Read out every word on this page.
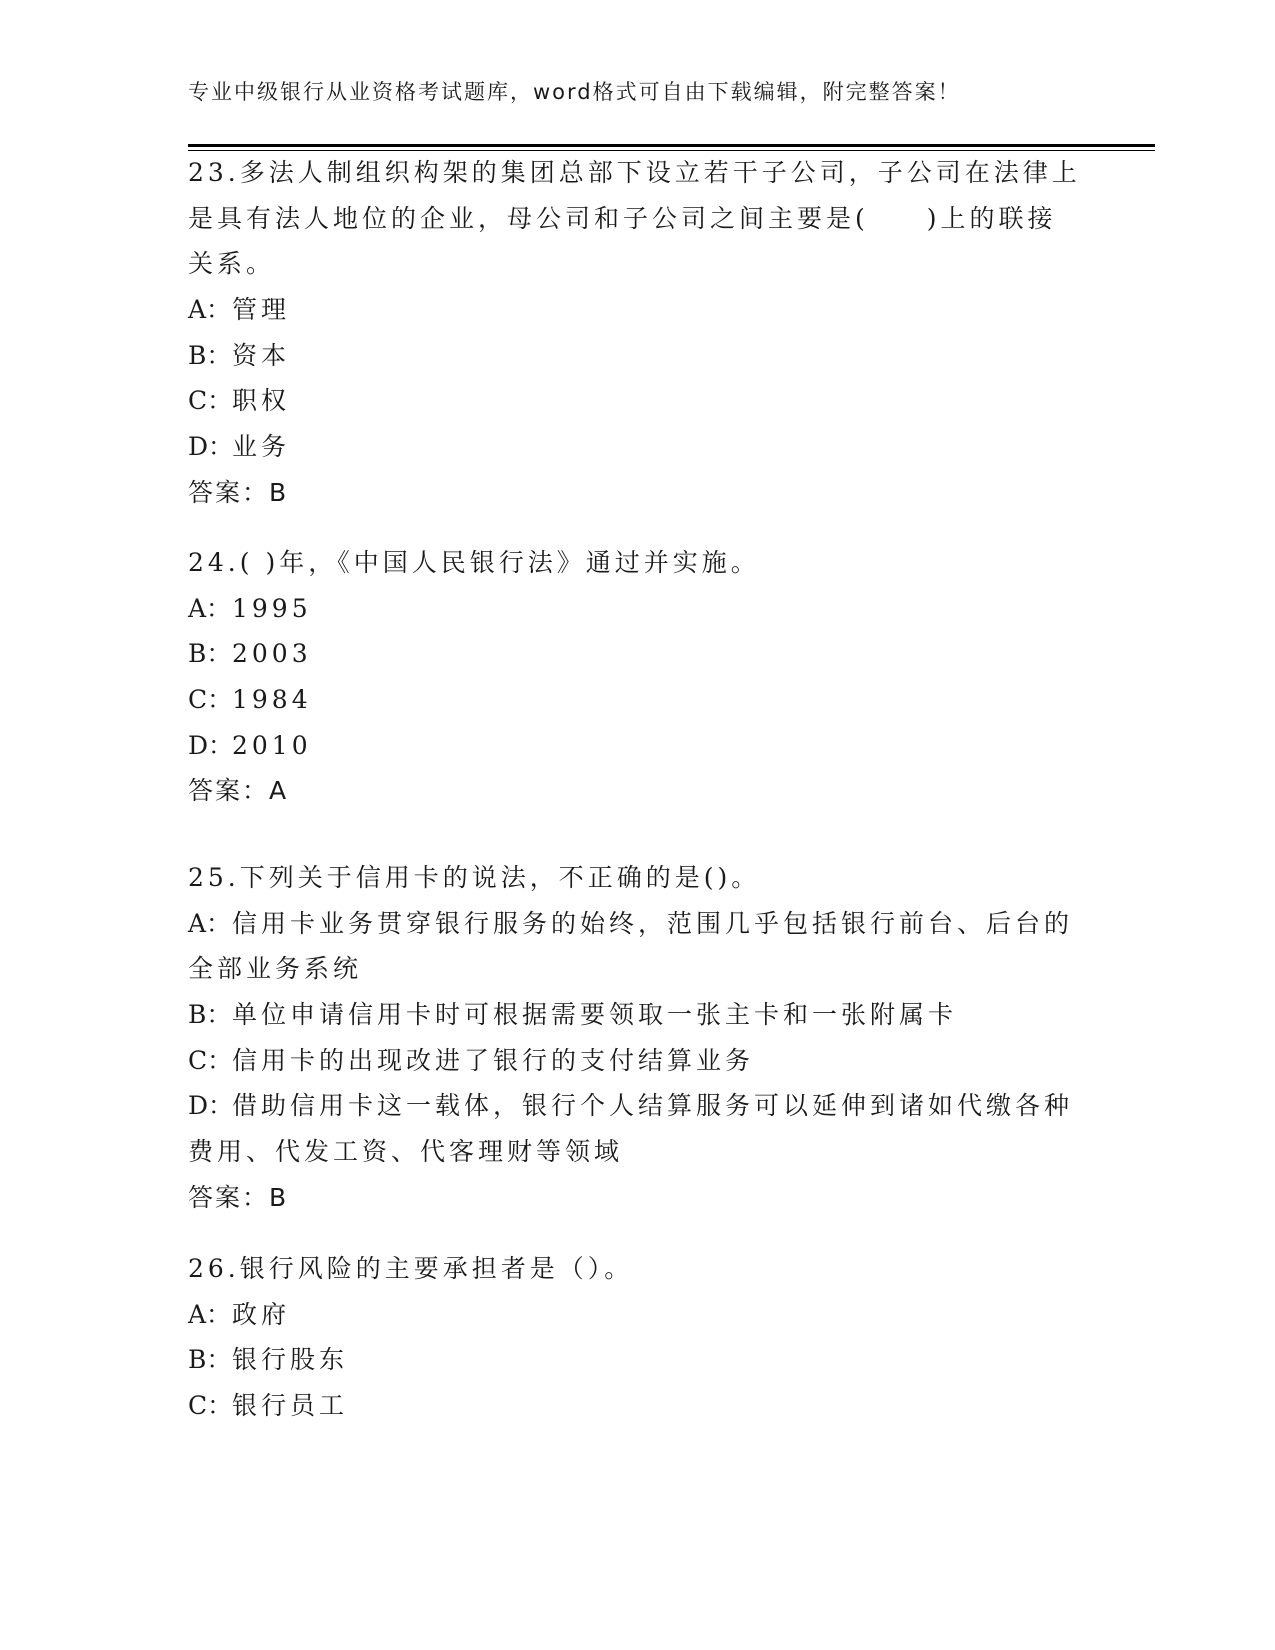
专业中级银行从业资格考试题库，word格式可自由下载编辑，附完整答案！
23.多法人制组织构架的集团总部下设立若干子公司，子公司在法律上
是具有法人地位的企业，母公司和子公司之间主要是(　　)上的联接
关系。
A：管理
B：资本
C：职权
D：业务
答案：B
24.( )年，《中国人民银行法》通过并实施。
A：1995
B：2003
C：1984
D：2010
答案：A
25.下列关于信用卡的说法，不正确的是()。
A：信用卡业务贯穿银行服务的始终，范围几乎包括银行前台、后台的
全部业务系统
B：单位申请信用卡时可根据需要领取一张主卡和一张附属卡
C：信用卡的出现改进了银行的支付结算业务
D：借助信用卡这一载体，银行个人结算服务可以延伸到诸如代缴各种
费用、代发工资、代客理财等领域
答案：B
26.银行风险的主要承担者是（）。
A：政府
B：银行股东
C：银行员工
